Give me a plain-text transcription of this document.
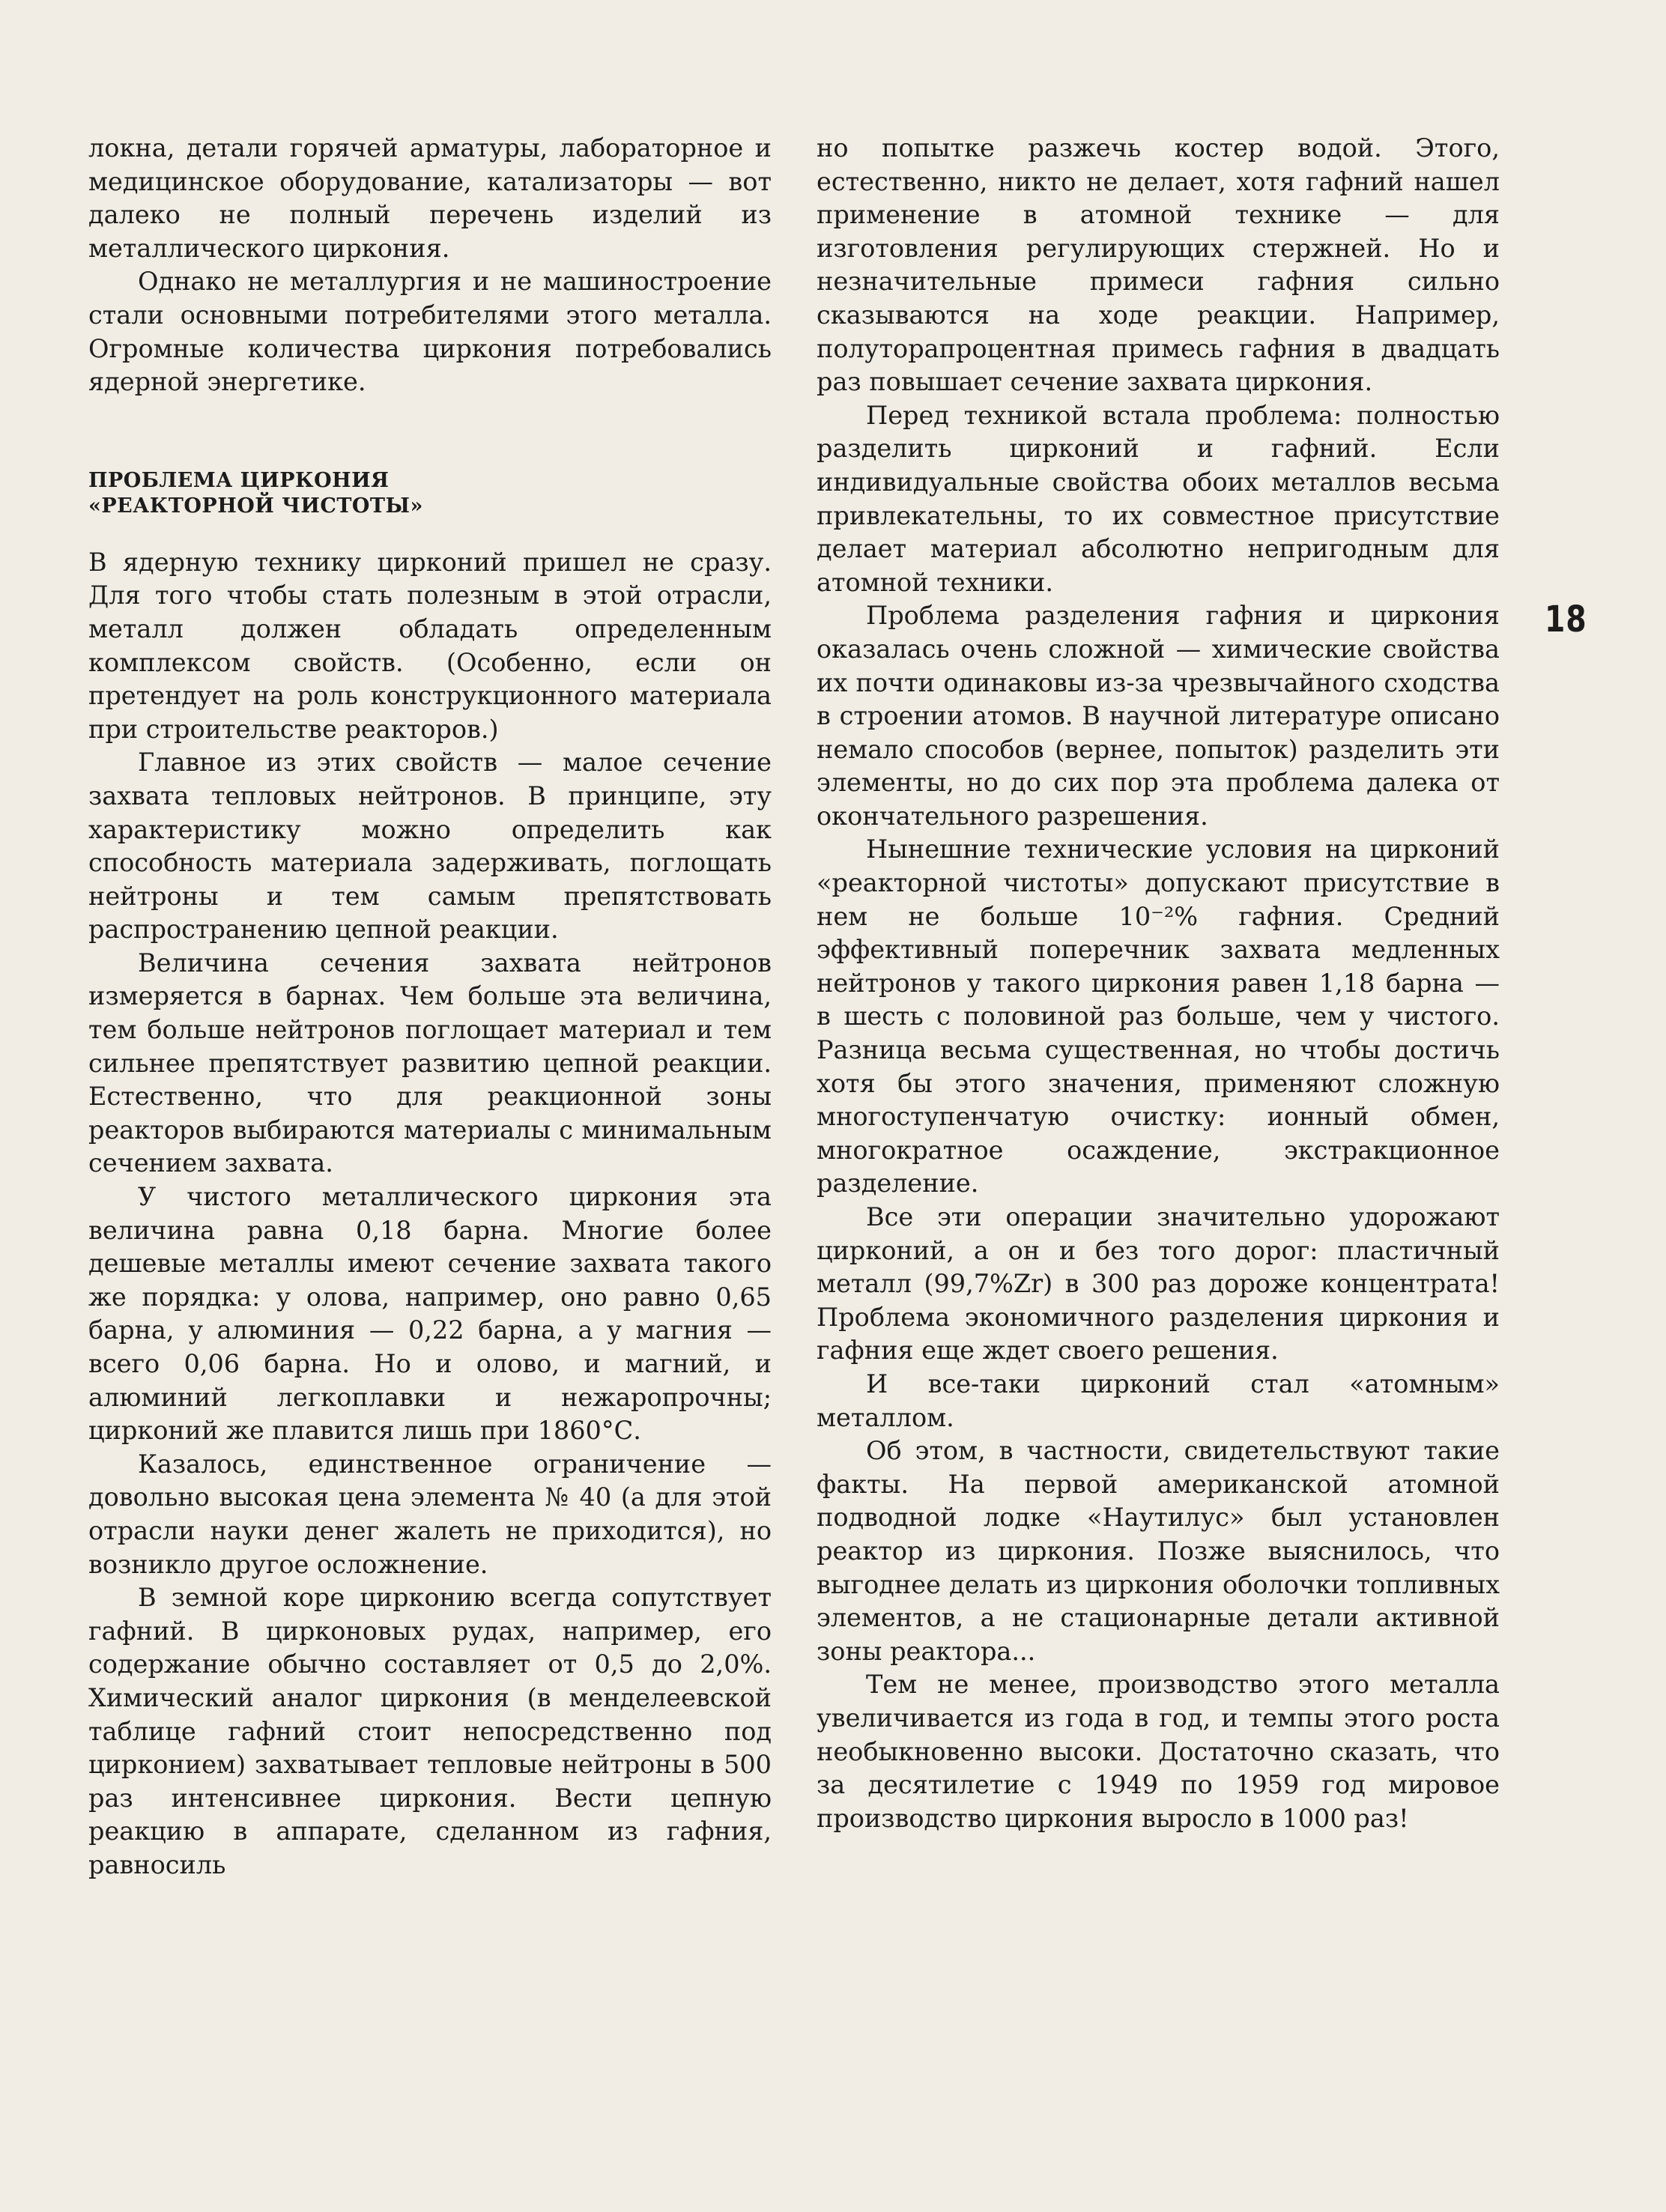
локна, детали горячей арматуры, лабораторное и медицинское оборудование, катализаторы — вот далеко не полный перечень изделий из металлического циркония.

Однако не металлургия и не машиностроение стали основными потребителями этого металла. Огромные количества циркония потребовались ядерной энергетике.

ПРОБЛЕМА ЦИРКОНИЯ
«РЕАКТОРНОЙ ЧИСТОТЫ»

В ядерную технику цирконий пришел не сразу. Для того чтобы стать полезным в этой отрасли, металл должен обладать определенным комплексом свойств. (Особенно, если он претендует на роль конструкционного материала при строительстве реакторов.)

Главное из этих свойств — малое сечение захвата тепловых нейтронов. В принципе, эту характеристику можно определить как способность материала задерживать, поглощать нейтроны и тем самым препятствовать распространению цепной реакции.

Величина сечения захвата нейтронов измеряется в барнах. Чем больше эта величина, тем больше нейтронов поглощает материал и тем сильнее препятствует развитию цепной реакции. Естественно, что для реакционной зоны реакторов выбираются материалы с минимальным сечением захвата.

У чистого металлического циркония эта величина равна 0,18 барна. Многие более дешевые металлы имеют сечение захвата такого же порядка: у олова, например, оно равно 0,65 барна, у алюминия — 0,22 барна, а у магния — всего 0,06 барна. Но и олово, и магний, и алюминий легкоплавки и нежаропрочны; цирконий же плавится лишь при 1860°С.

Казалось, единственное ограничение — довольно высокая цена элемента № 40 (а для этой отрасли науки денег жалеть не приходится), но возникло другое осложнение.

В земной коре цирконию всегда сопутствует гафний. В цирконовых рудах, например, его содержание обычно составляет от 0,5 до 2,0%. Химический аналог циркония (в менделеевской таблице гафний стоит непосредственно под цирконием) захватывает тепловые нейтроны в 500 раз интенсивнее циркония. Вести цепную реакцию в аппарате, сделанном из гафния, равносиль

но попытке разжечь костер водой. Этого, естественно, никто не делает, хотя гафний нашел применение в атомной технике — для изготовления регулирующих стержней. Но и незначительные примеси гафния сильно сказываются на ходе реакции. Например, полуторапроцентная примесь гафния в двадцать раз повышает сечение захвата циркония.

Перед техникой встала проблема: полностью разделить цирконий и гафний. Если индивидуальные свойства обоих металлов весьма привлекательны, то их совместное присутствие делает материал абсолютно непригодным для атомной техники.

Проблема разделения гафния и циркония оказалась очень сложной — химические свойства их почти одинаковы из-за чрезвычайного сходства в строении атомов. В научной литературе описано немало способов (вернее, попыток) разделить эти элементы, но до сих пор эта проблема далека от окончательного разрешения.

Нынешние технические условия на цирконий «реакторной чистоты» допускают присутствие в нем не больше 10⁻²% гафния. Средний эффективный поперечник захвата медленных нейтронов у такого циркония равен 1,18 барна — в шесть с половиной раз больше, чем у чистого. Разница весьма существенная, но чтобы достичь хотя бы этого значения, применяют сложную многоступенчатую очистку: ионный обмен, многократное осаждение, экстракционное разделение.

Все эти операции значительно удорожают цирконий, а он и без того дорог: пластичный металл (99,7%Zr) в 300 раз дороже концентрата! Проблема экономичного разделения циркония и гафния еще ждет своего решения.

И все-таки цирконий стал «атомным» металлом.

Об этом, в частности, свидетельствуют такие факты. На первой американской атомной подводной лодке «Наутилус» был установлен реактор из циркония. Позже выяснилось, что выгоднее делать из циркония оболочки топливных элементов, а не стационарные детали активной зоны реактора...

Тем не менее, производство этого металла увеличивается из года в год, и темпы этого роста необыкновенно высоки. Достаточно сказать, что за десятилетие с 1949 по 1959 год мировое производство циркония выросло в 1000 раз!

18
